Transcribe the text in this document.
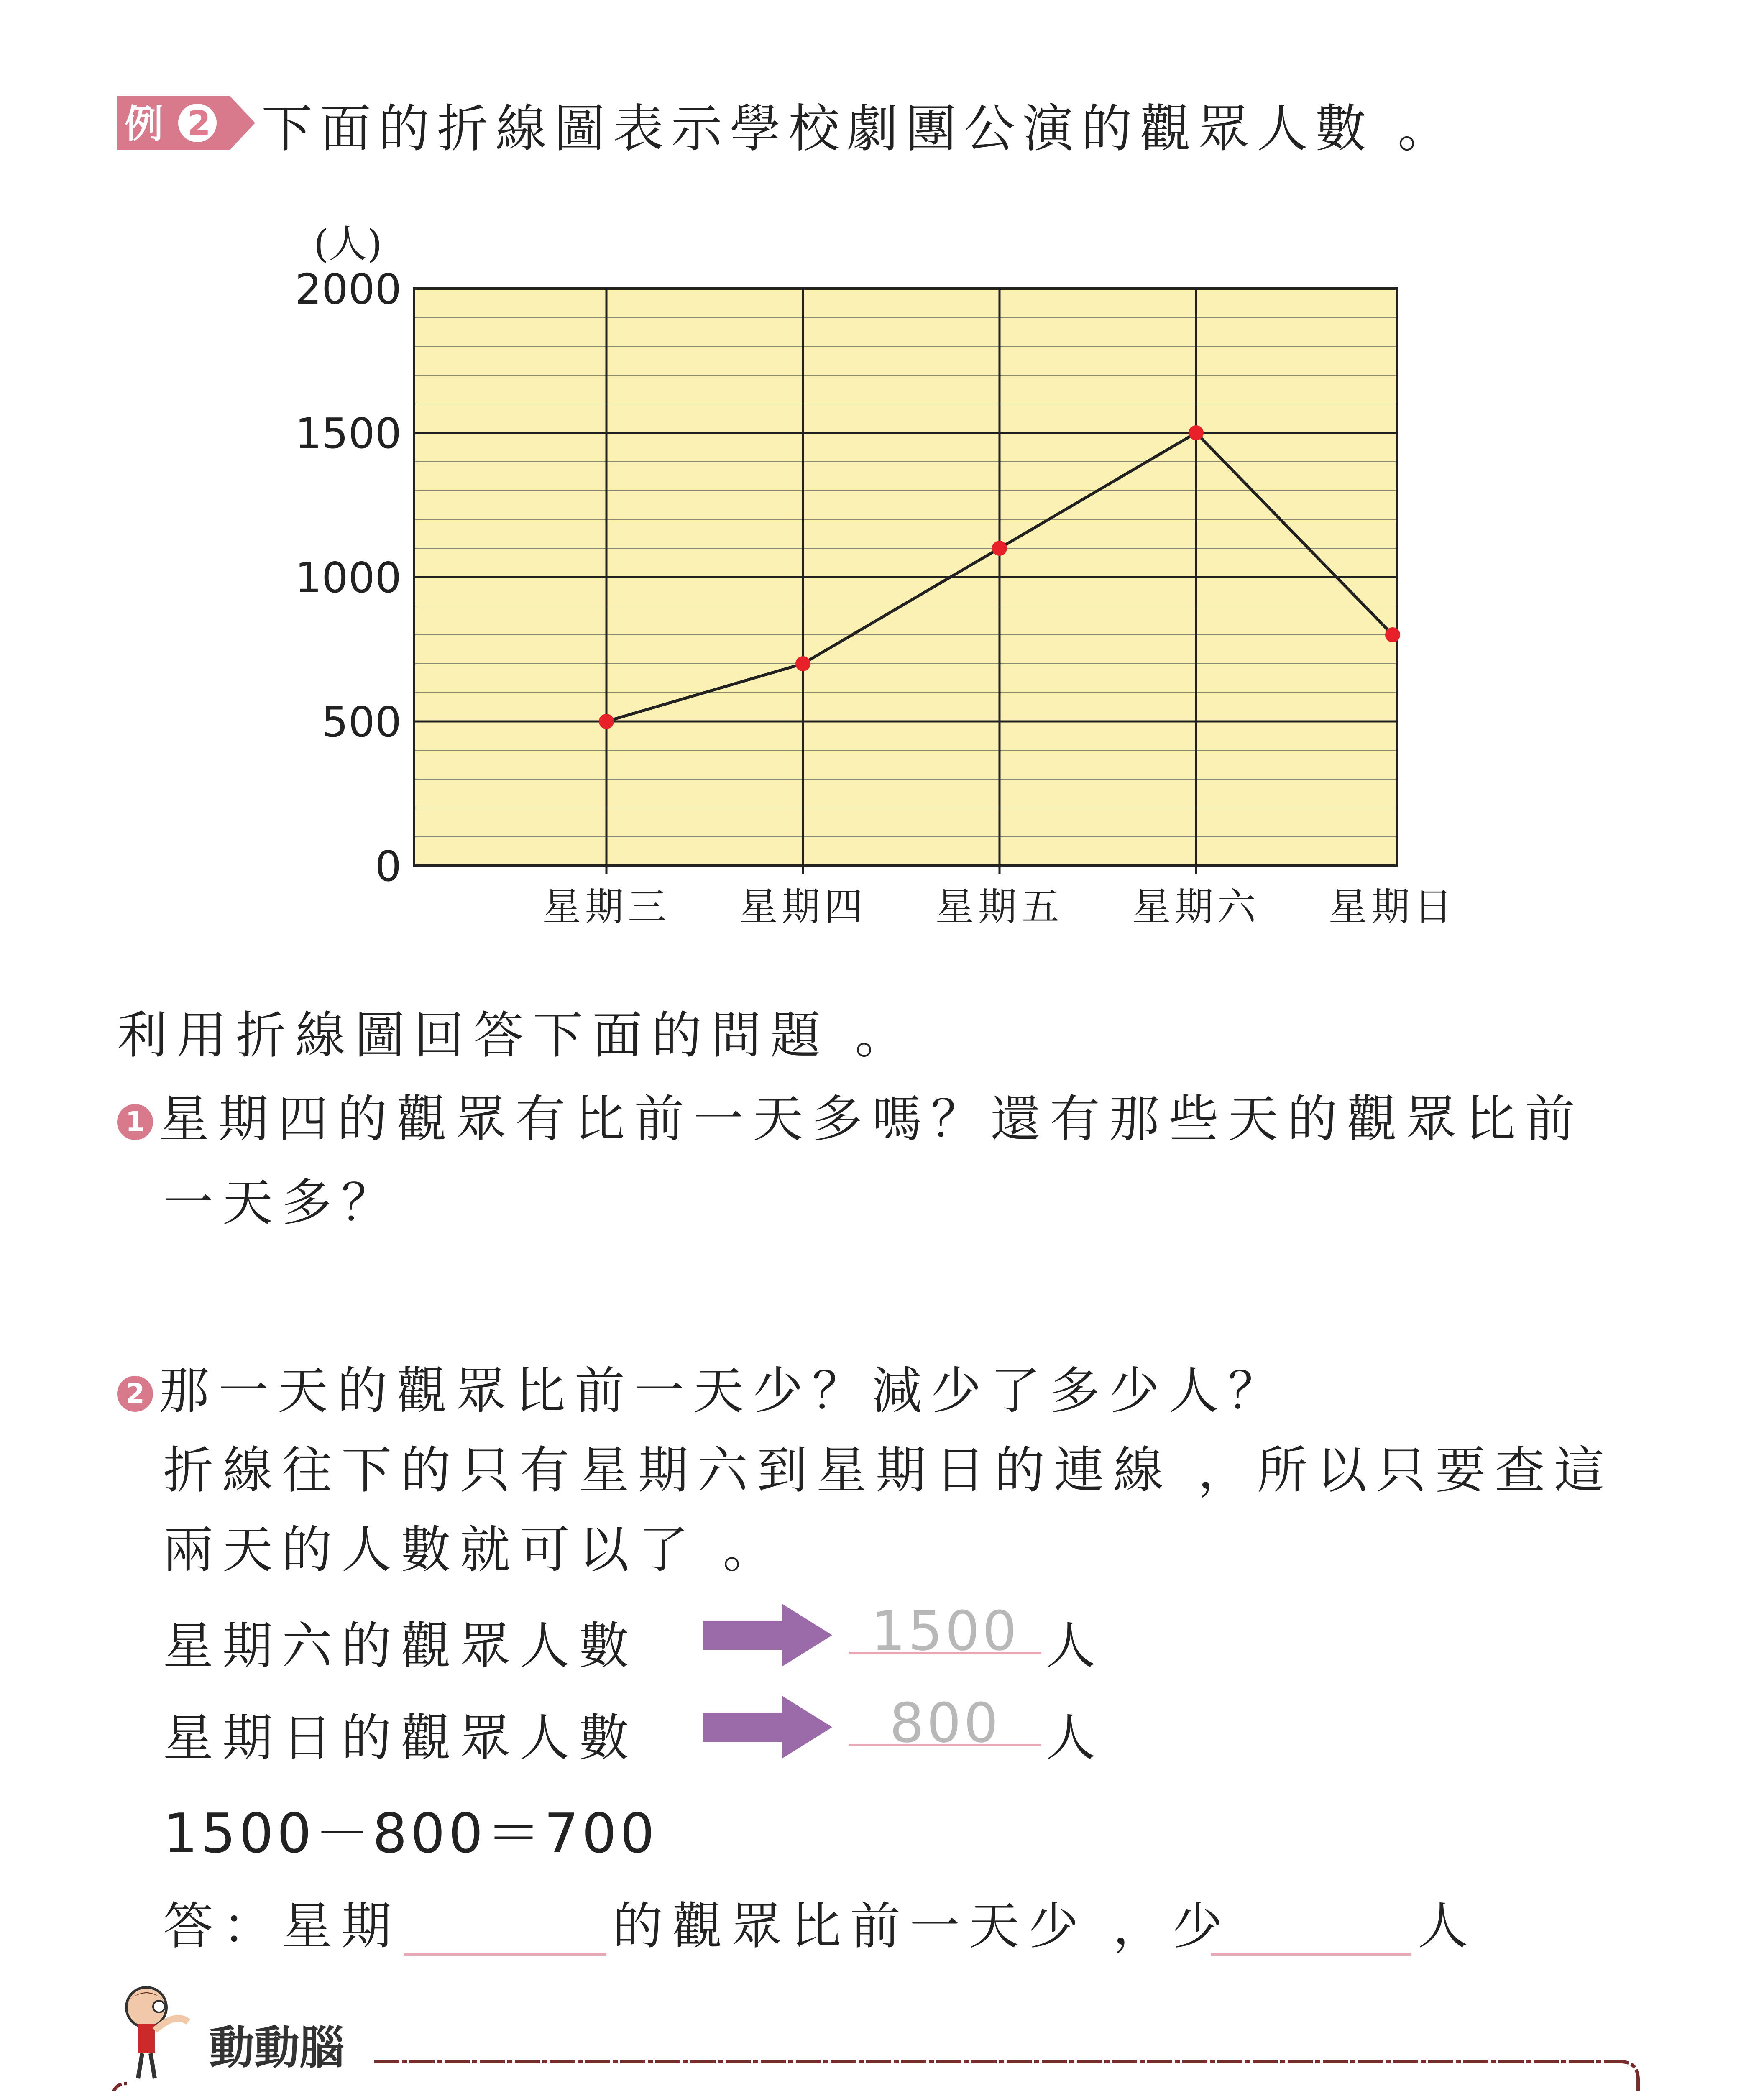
例 2 下面的折線圖表示學校劇團公演的觀眾人數 。
0
500
1000
1500
2000
星期三 星期四 星期五 星期六 星期日
(人)
利用折線圖回答下面的問題 。
1 星期四的觀眾有比前一天多嗎？還有那些天的觀眾比前
一天多？
2 那一天的觀眾比前一天少？減少了多少人？
折線往下的只有星期六到星期日的連線 ，所以只要查這
兩天的人數就可以了 。
星期六的觀眾人數	1500 人
星期日的觀眾人數	800 人
1500－800＝700
答：星期	的觀眾比前一天少 ，少	人
動動腦
